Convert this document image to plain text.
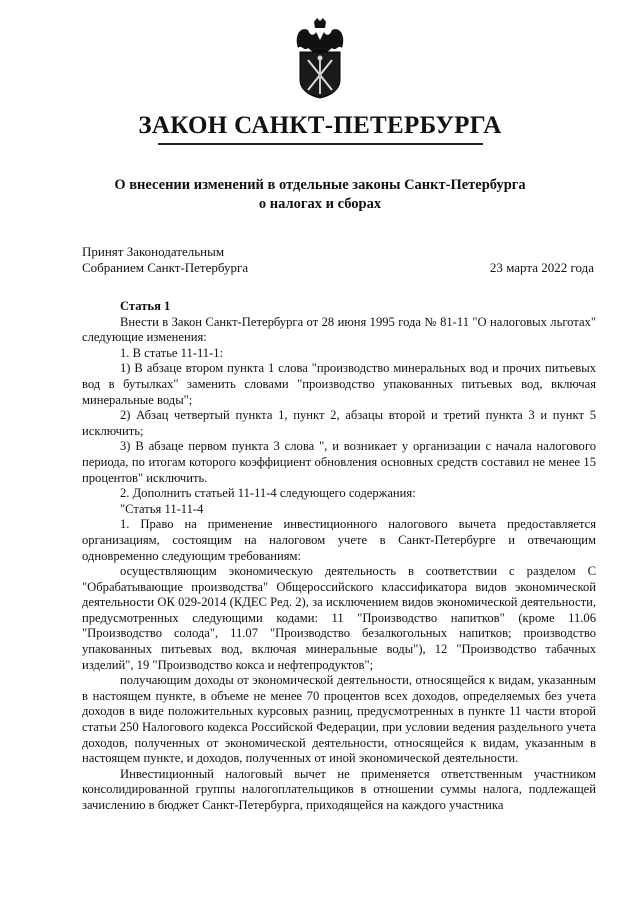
ЗАКОН САНКТ-ПЕТЕРБУРГА
О внесении изменений в отдельные законы Санкт-Петербурга
о налогах и сборах
Принят Законодательным
Собранием Санкт-Петербурга	23 марта 2022 года

Статья 1

Внести в Закон Санкт-Петербурга от 28 июня 1995 года № 81-11 "О налоговых льготах" следующие изменения:

1. В статье 11-11-1:

1) В абзаце втором пункта 1 слова "производство минеральных вод и прочих питьевых вод в бутылках" заменить словами "производство упакованных питьевых вод, включая минеральные воды";

2) Абзац четвертый пункта 1, пункт 2, абзацы второй и третий пункта 3 и пункт 5 исключить;

3) В абзаце первом пункта 3 слова ", и возникает у организации с начала налогового периода, по итогам которого коэффициент обновления основных средств составил не менее 15 процентов" исключить.

2. Дополнить статьей 11-11-4 следующего содержания:

"Статья 11-11-4

1. Право на применение инвестиционного налогового вычета предоставляется организациям, состоящим на налоговом учете в Санкт-Петербурге и отвечающим одновременно следующим требованиям:

осуществляющим экономическую деятельность в соответствии с разделом С "Обрабатывающие производства" Общероссийского классификатора видов экономической деятельности ОК 029-2014 (КДЕС Ред. 2), за исключением видов экономической деятельности, предусмотренных следующими кодами: 11 "Производство напитков" (кроме 11.06 "Производство солода", 11.07 "Производство безалкогольных напитков; производство упакованных питьевых вод, включая минеральные воды"), 12 "Производство табачных изделий", 19 "Производство кокса и нефтепродуктов";

получающим доходы от экономической деятельности, относящейся к видам, указанным в настоящем пункте, в объеме не менее 70 процентов всех доходов, определяемых без учета доходов в виде положительных курсовых разниц, предусмотренных в пункте 11 части второй статьи 250 Налогового кодекса Российской Федерации, при условии ведения раздельного учета доходов, полученных от экономической деятельности, относящейся к видам, указанным в настоящем пункте, и доходов, полученных от иной экономической деятельности.

Инвестиционный налоговый вычет не применяется ответственным участником консолидированной группы налогоплательщиков в отношении суммы налога, подлежащей зачислению в бюджет Санкт-Петербурга, приходящейся на каждого участника
